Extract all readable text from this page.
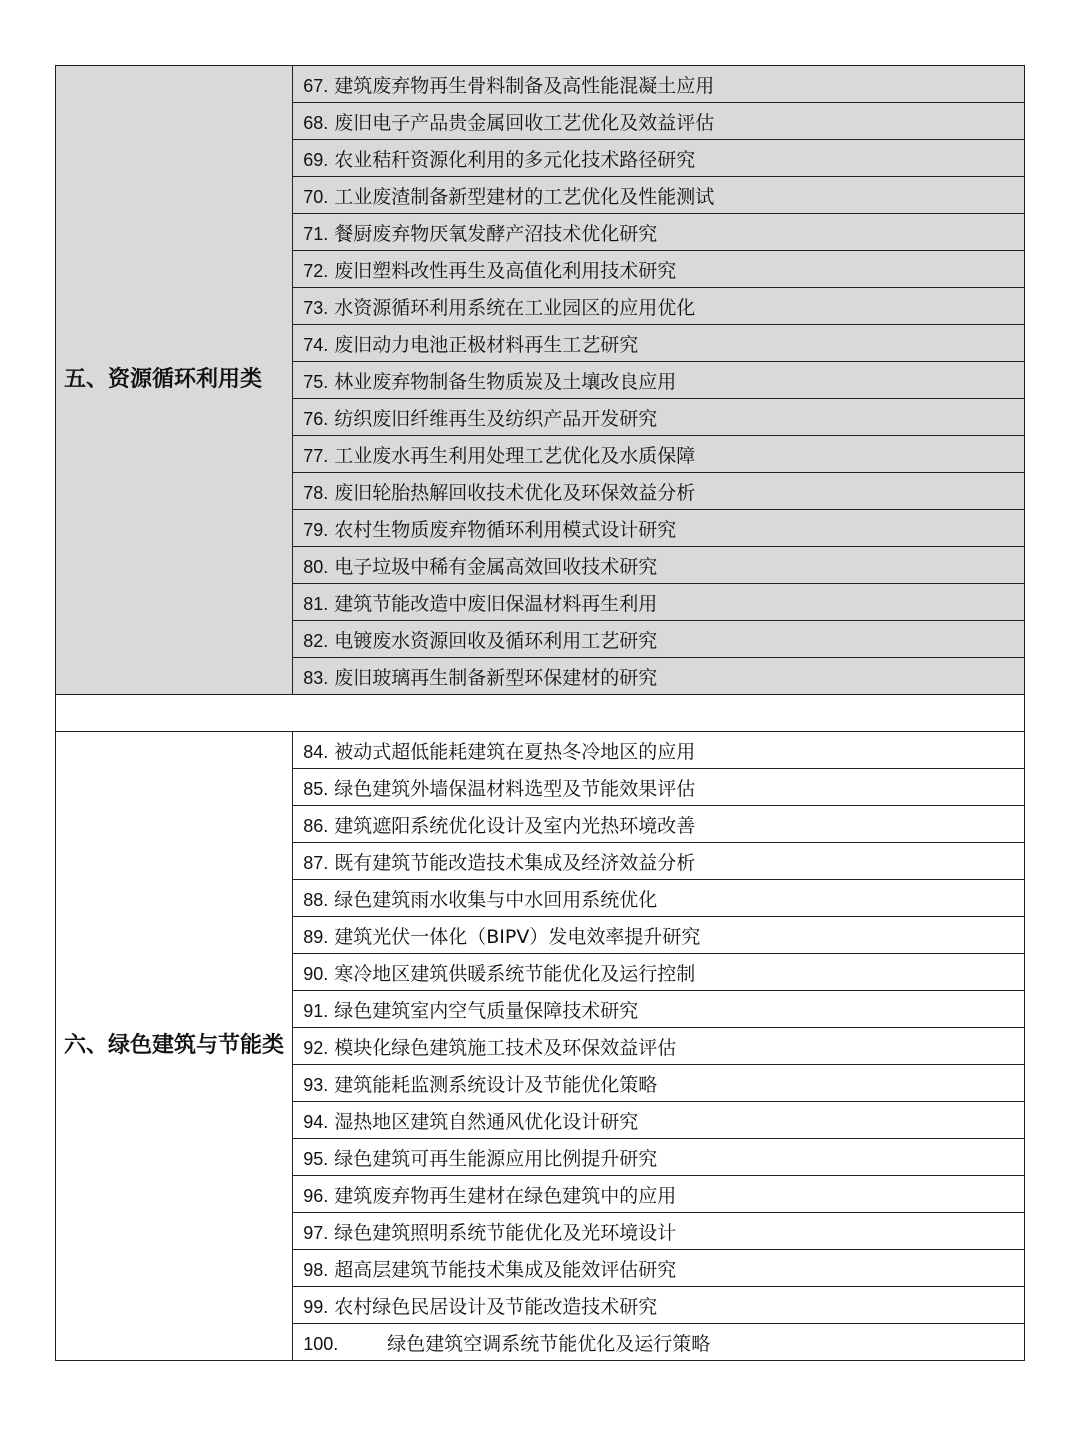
五、资源循环利用类	67. 建筑废弃物再生骨料制备及高性能混凝土应用
	68. 废旧电子产品贵金属回收工艺优化及效益评估
	69. 农业秸秆资源化利用的多元化技术路径研究
	70. 工业废渣制备新型建材的工艺优化及性能测试
	71. 餐厨废弃物厌氧发酵产沼技术优化研究
	72. 废旧塑料改性再生及高值化利用技术研究
	73. 水资源循环利用系统在工业园区的应用优化
	74. 废旧动力电池正极材料再生工艺研究
	75. 林业废弃物制备生物质炭及土壤改良应用
	76. 纺织废旧纤维再生及纺织产品开发研究
	77. 工业废水再生利用处理工艺优化及水质保障
	78. 废旧轮胎热解回收技术优化及环保效益分析
	79. 农村生物质废弃物循环利用模式设计研究
	80. 电子垃圾中稀有金属高效回收技术研究
	81. 建筑节能改造中废旧保温材料再生利用
	82. 电镀废水资源回收及循环利用工艺研究
	83. 废旧玻璃再生制备新型环保建材的研究

六、绿色建筑与节能类	84. 被动式超低能耗建筑在夏热冬冷地区的应用
	85. 绿色建筑外墙保温材料选型及节能效果评估
	86. 建筑遮阳系统优化设计及室内光热环境改善
	87. 既有建筑节能改造技术集成及经济效益分析
	88. 绿色建筑雨水收集与中水回用系统优化
	89. 建筑光伏一体化（BIPV）发电效率提升研究
	90. 寒冷地区建筑供暖系统节能优化及运行控制
	91. 绿色建筑室内空气质量保障技术研究
	92. 模块化绿色建筑施工技术及环保效益评估
	93. 建筑能耗监测系统设计及节能优化策略
	94. 湿热地区建筑自然通风优化设计研究
	95. 绿色建筑可再生能源应用比例提升研究
	96. 建筑废弃物再生建材在绿色建筑中的应用
	97. 绿色建筑照明系统节能优化及光环境设计
	98. 超高层建筑节能技术集成及能效评估研究
	99. 农村绿色民居设计及节能改造技术研究
	100. 绿色建筑空调系统节能优化及运行策略
